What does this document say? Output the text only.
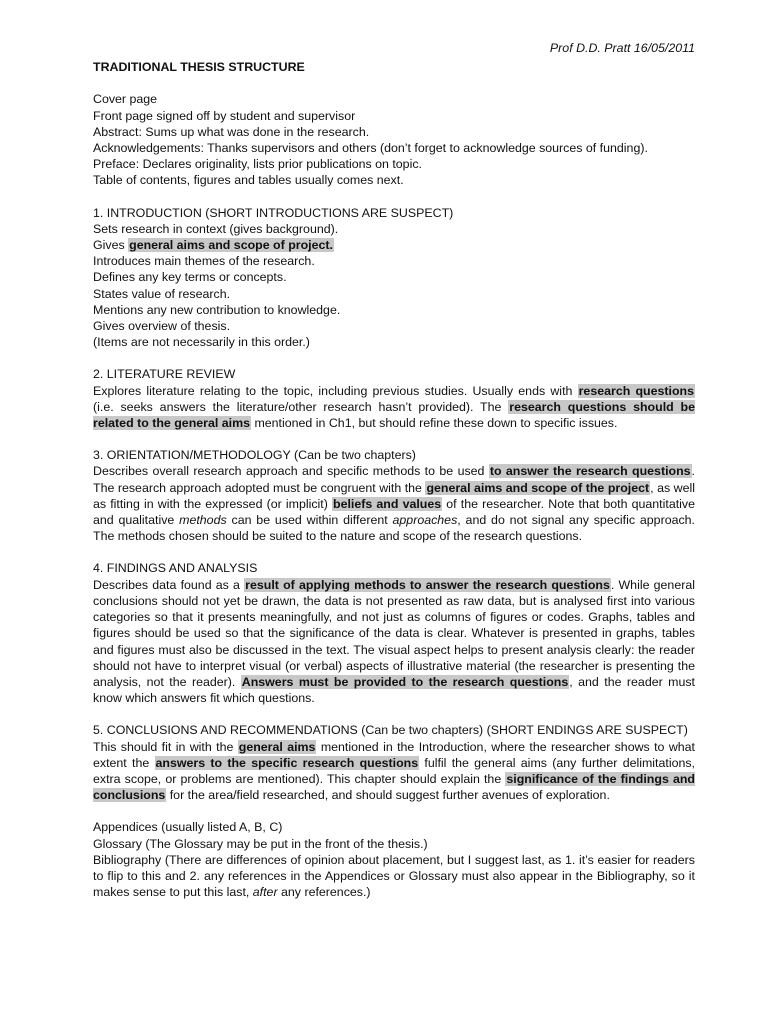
Prof D.D. Pratt 16/05/2011

TRADITIONAL THESIS STRUCTURE

Cover page
Front page signed off by student and supervisor
Abstract: Sums up what was done in the research.
Acknowledgements: Thanks supervisors and others (don’t forget to acknowledge sources of funding).
Preface: Declares originality, lists prior publications on topic.
Table of contents, figures and tables usually comes next.
1. INTRODUCTION (SHORT INTRODUCTIONS ARE SUSPECT)
Sets research in context (gives background).
Gives general aims and scope of project.
Introduces main themes of the research.
Defines any key terms or concepts.
States value of research.
Mentions any new contribution to knowledge.
Gives overview of thesis.
(Items are not necessarily in this order.)
2. LITERATURE REVIEW
Explores literature relating to the topic, including previous studies. Usually ends with research questions (i.e. seeks answers the literature/other research hasn’t provided). The research questions should be related to the general aims mentioned in Ch1, but should refine these down to specific issues.
3. ORIENTATION/METHODOLOGY (Can be two chapters)
Describes overall research approach and specific methods to be used to answer the research questions. The research approach adopted must be congruent with the general aims and scope of the project, as well as fitting in with the expressed (or implicit) beliefs and values of the researcher. Note that both quantitative and qualitative methods can be used within different approaches, and do not signal any specific approach. The methods chosen should be suited to the nature and scope of the research questions.
4. FINDINGS AND ANALYSIS
Describes data found as a result of applying methods to answer the research questions. While general conclusions should not yet be drawn, the data is not presented as raw data, but is analysed first into various categories so that it presents meaningfully, and not just as columns of figures or codes. Graphs, tables and figures should be used so that the significance of the data is clear. Whatever is presented in graphs, tables and figures must also be discussed in the text. The visual aspect helps to present analysis clearly: the reader should not have to interpret visual (or verbal) aspects of illustrative material (the researcher is presenting the analysis, not the reader). Answers must be provided to the research questions, and the reader must know which answers fit which questions.
5. CONCLUSIONS AND RECOMMENDATIONS (Can be two chapters) (SHORT ENDINGS ARE SUSPECT)
This should fit in with the general aims mentioned in the Introduction, where the researcher shows to what extent the answers to the specific research questions fulfil the general aims (any further delimitations, extra scope, or problems are mentioned). This chapter should explain the significance of the findings and conclusions for the area/field researched, and should suggest further avenues of exploration.
Appendices (usually listed A, B, C)
Glossary (The Glossary may be put in the front of the thesis.)
Bibliography (There are differences of opinion about placement, but I suggest last, as 1. it’s easier for readers to flip to this and 2. any references in the Appendices or Glossary must also appear in the Bibliography, so it makes sense to put this last, after any references.)
